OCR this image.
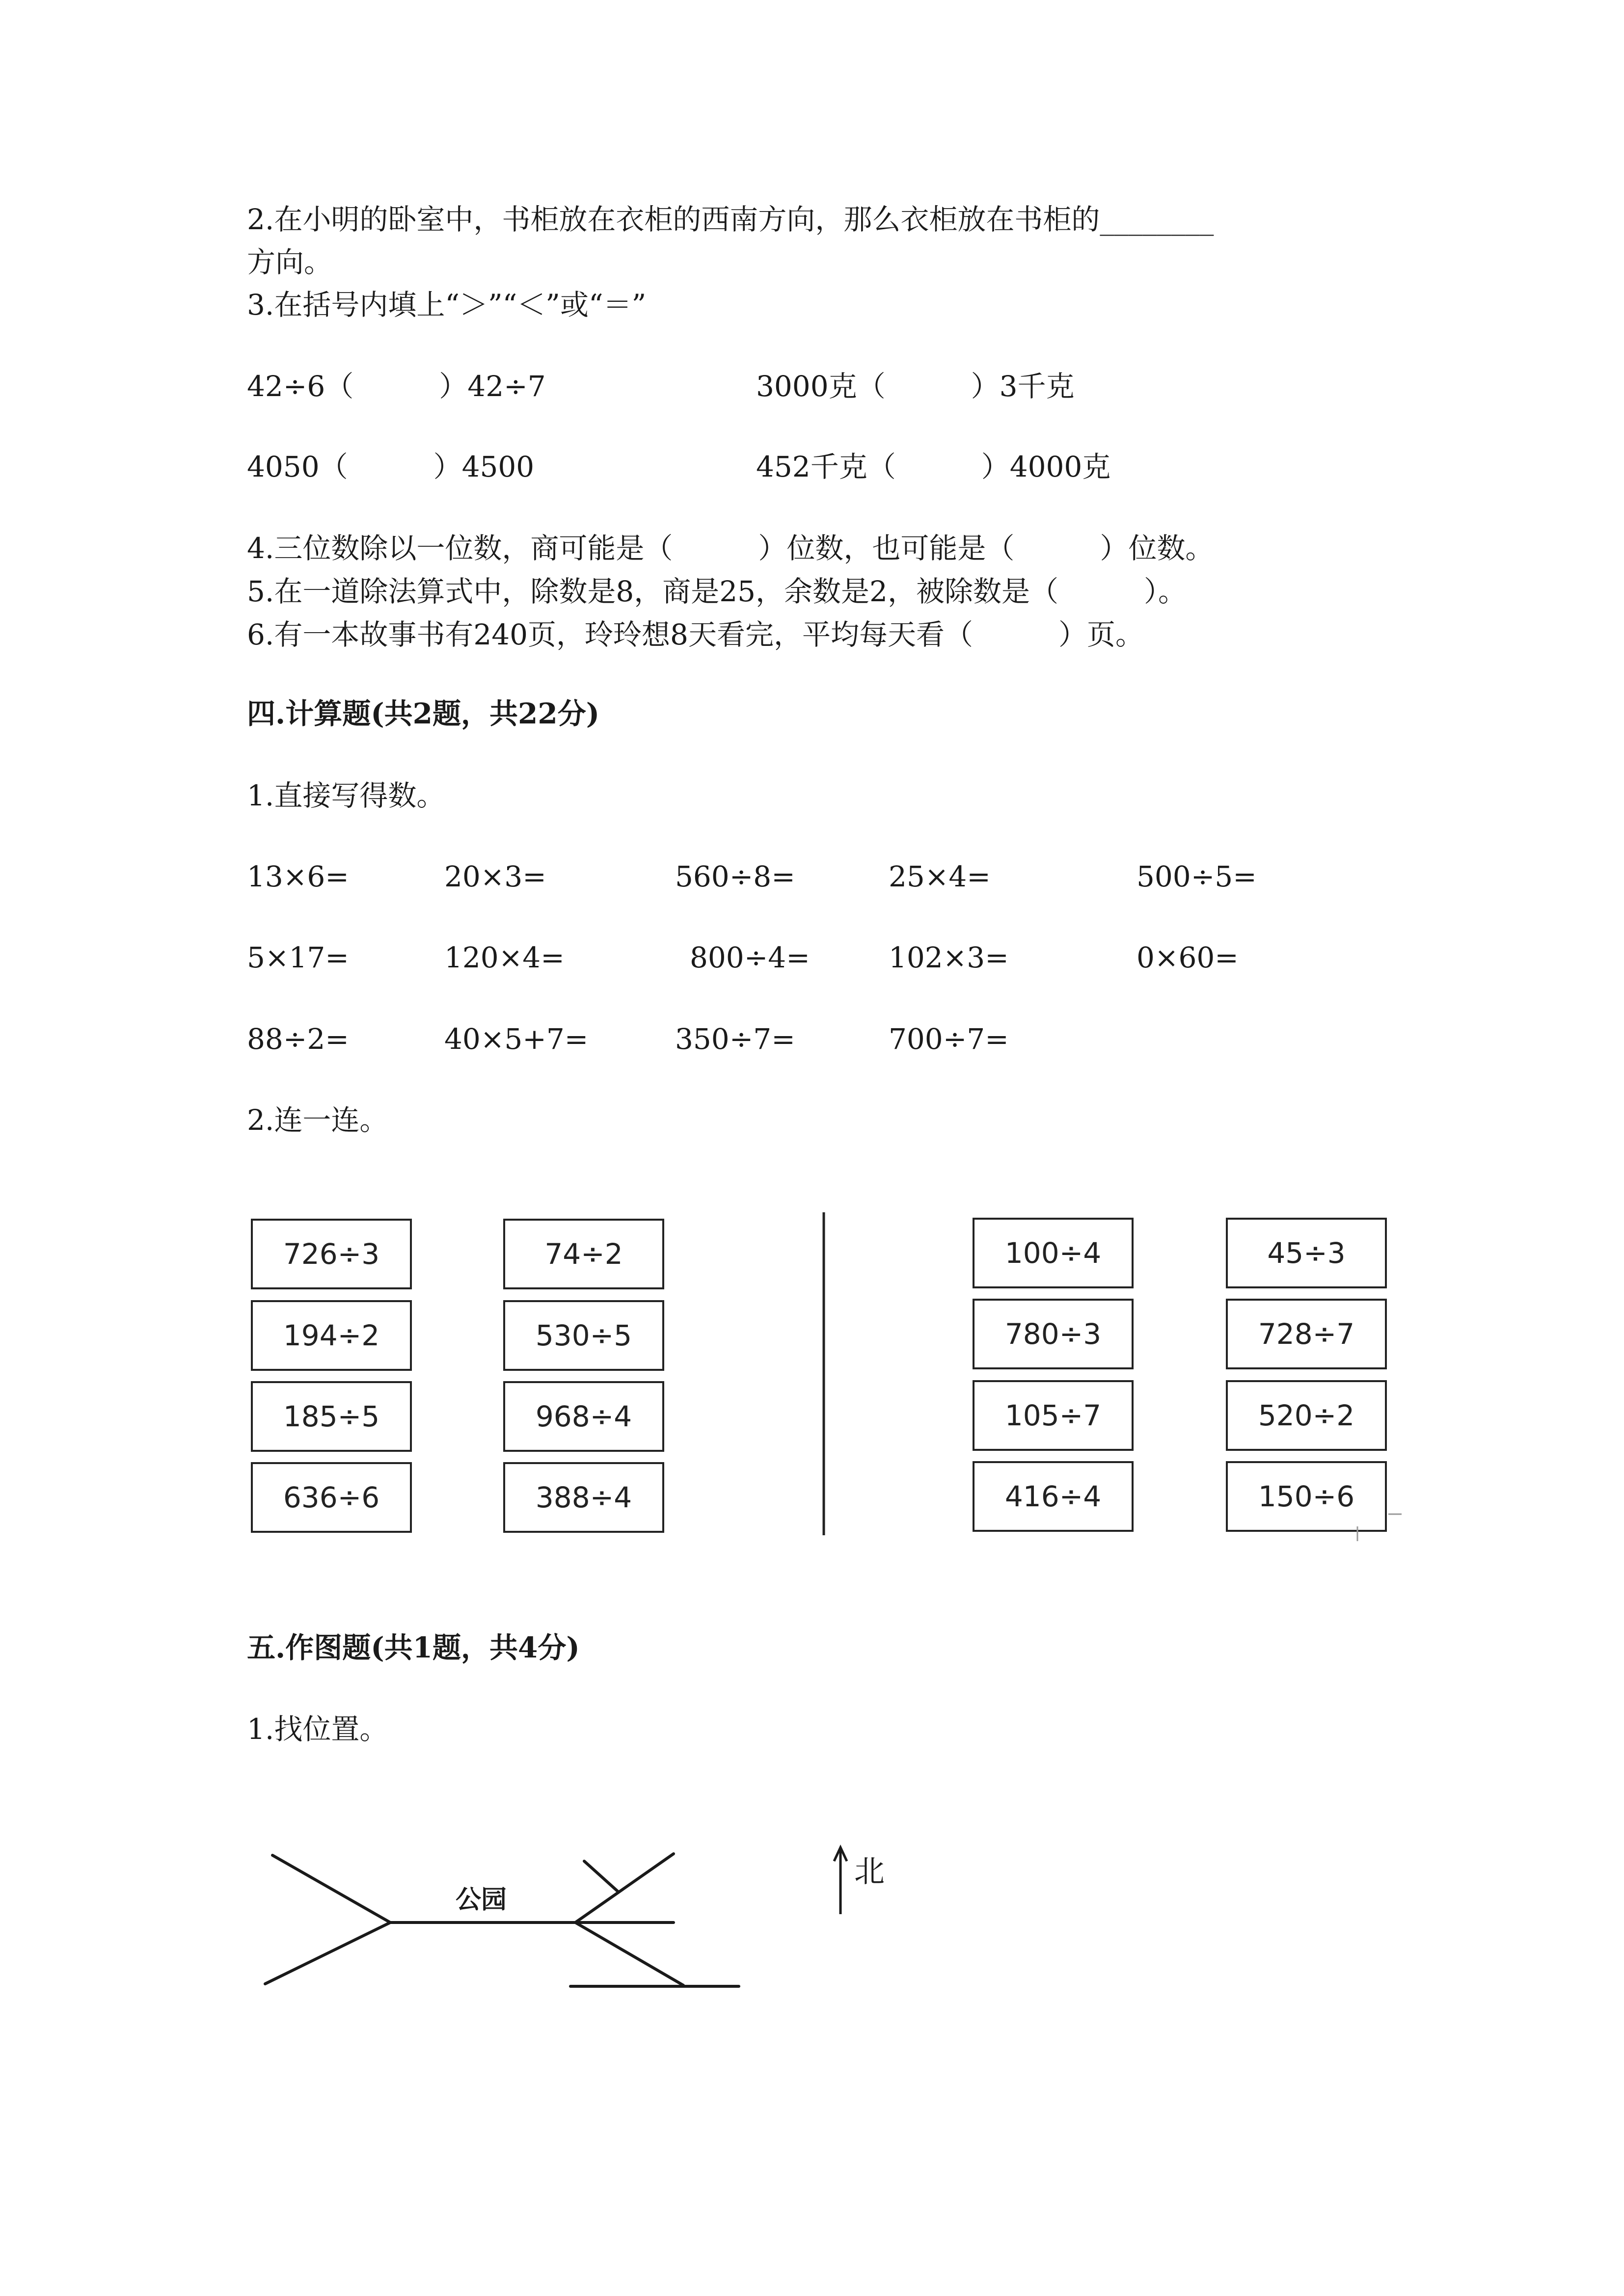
2.在小明的卧室中，书柜放在衣柜的西南方向，那么衣柜放在书柜的________
方向。
3.在括号内填上“＞”“＜”或“＝”
42÷6（　　　）42÷7	3000克（　　　）3千克
4050（　　　）4500	452千克（　　　）4000克
4.三位数除以一位数，商可能是（　　　）位数，也可能是（　　　）位数。
5.在一道除法算式中，除数是8，商是25，余数是2，被除数是（　　　）。
6.有一本故事书有240页，玲玲想8天看完，平均每天看（　　　）页。
四.计算题(共2题，共22分)
1.直接写得数。
13×6=	20×3=	560÷8=	25×4=	500÷5=
5×17=	120×4=	800÷4=	102×3=	0×60=
88÷2=	40×5+7=	350÷7=	700÷7=
2.连一连。
726÷3
194÷2
185÷5
636÷6
74÷2
530÷5
968÷4
388÷4
100÷4
780÷3
105÷7
416÷4
45÷3
728÷7
520÷2
150÷6
公园
北
五.作图题(共1题，共4分)
1.找位置。
